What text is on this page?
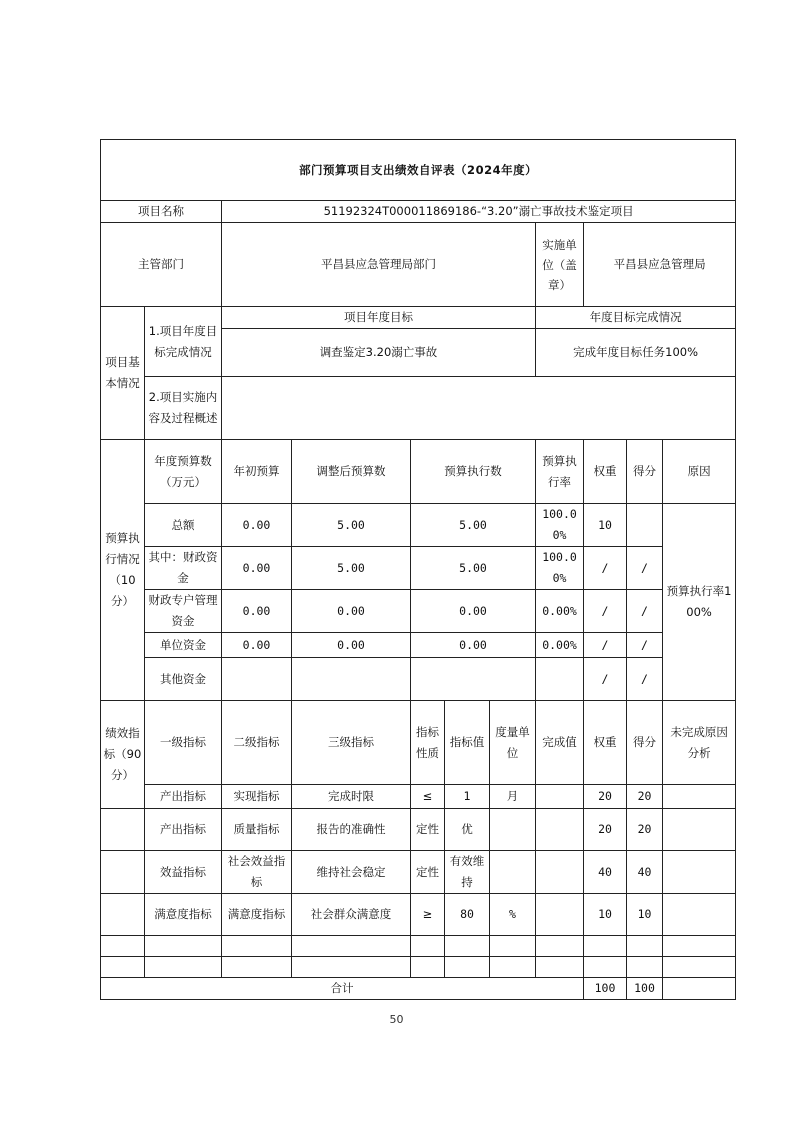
部门预算项目支出绩效自评表（2024年度）										
项目名称		51192324T000011869186-“3.20”溺亡事故技术鉴定项目								
主管部门		平昌县应急管理局部门					实施单位（盖章）	平昌县应急管理局		
项目基本情况	1.项目年度目标完成情况	项目年度目标					年度目标完成情况			
		调查鉴定3.20溺亡事故					完成年度目标任务100%			
	2.项目实施内容及过程概述									
预算执行情况（10分）	年度预算数（万元）	年初预算	调整后预算数	预算执行数			预算执行率	权重	得分	原因
	总额	0.00	5.00	5.00			100.00%	10		预算执行率100%
	其中：财政资金	0.00	5.00	5.00			100.00%	/	/	
	财政专户管理资金	0.00	0.00	0.00			0.00%	/	/	
	单位资金	0.00	0.00	0.00			0.00%	/	/	
	其他资金							/	/	
绩效指标（90分）	一级指标	二级指标	三级指标	指标性质	指标值	度量单位	完成值	权重	得分	未完成原因分析
	产出指标	实现指标	完成时限	≤	1	月		20	20	
	产出指标	质量指标	报告的准确性	定性	优			20	20	
	效益指标	社会效益指标	维持社会稳定	定性	有效维持			40	40	
	满意度指标	满意度指标	社会群众满意度	≥	80	%		10	10	

合计								100	100	
50
